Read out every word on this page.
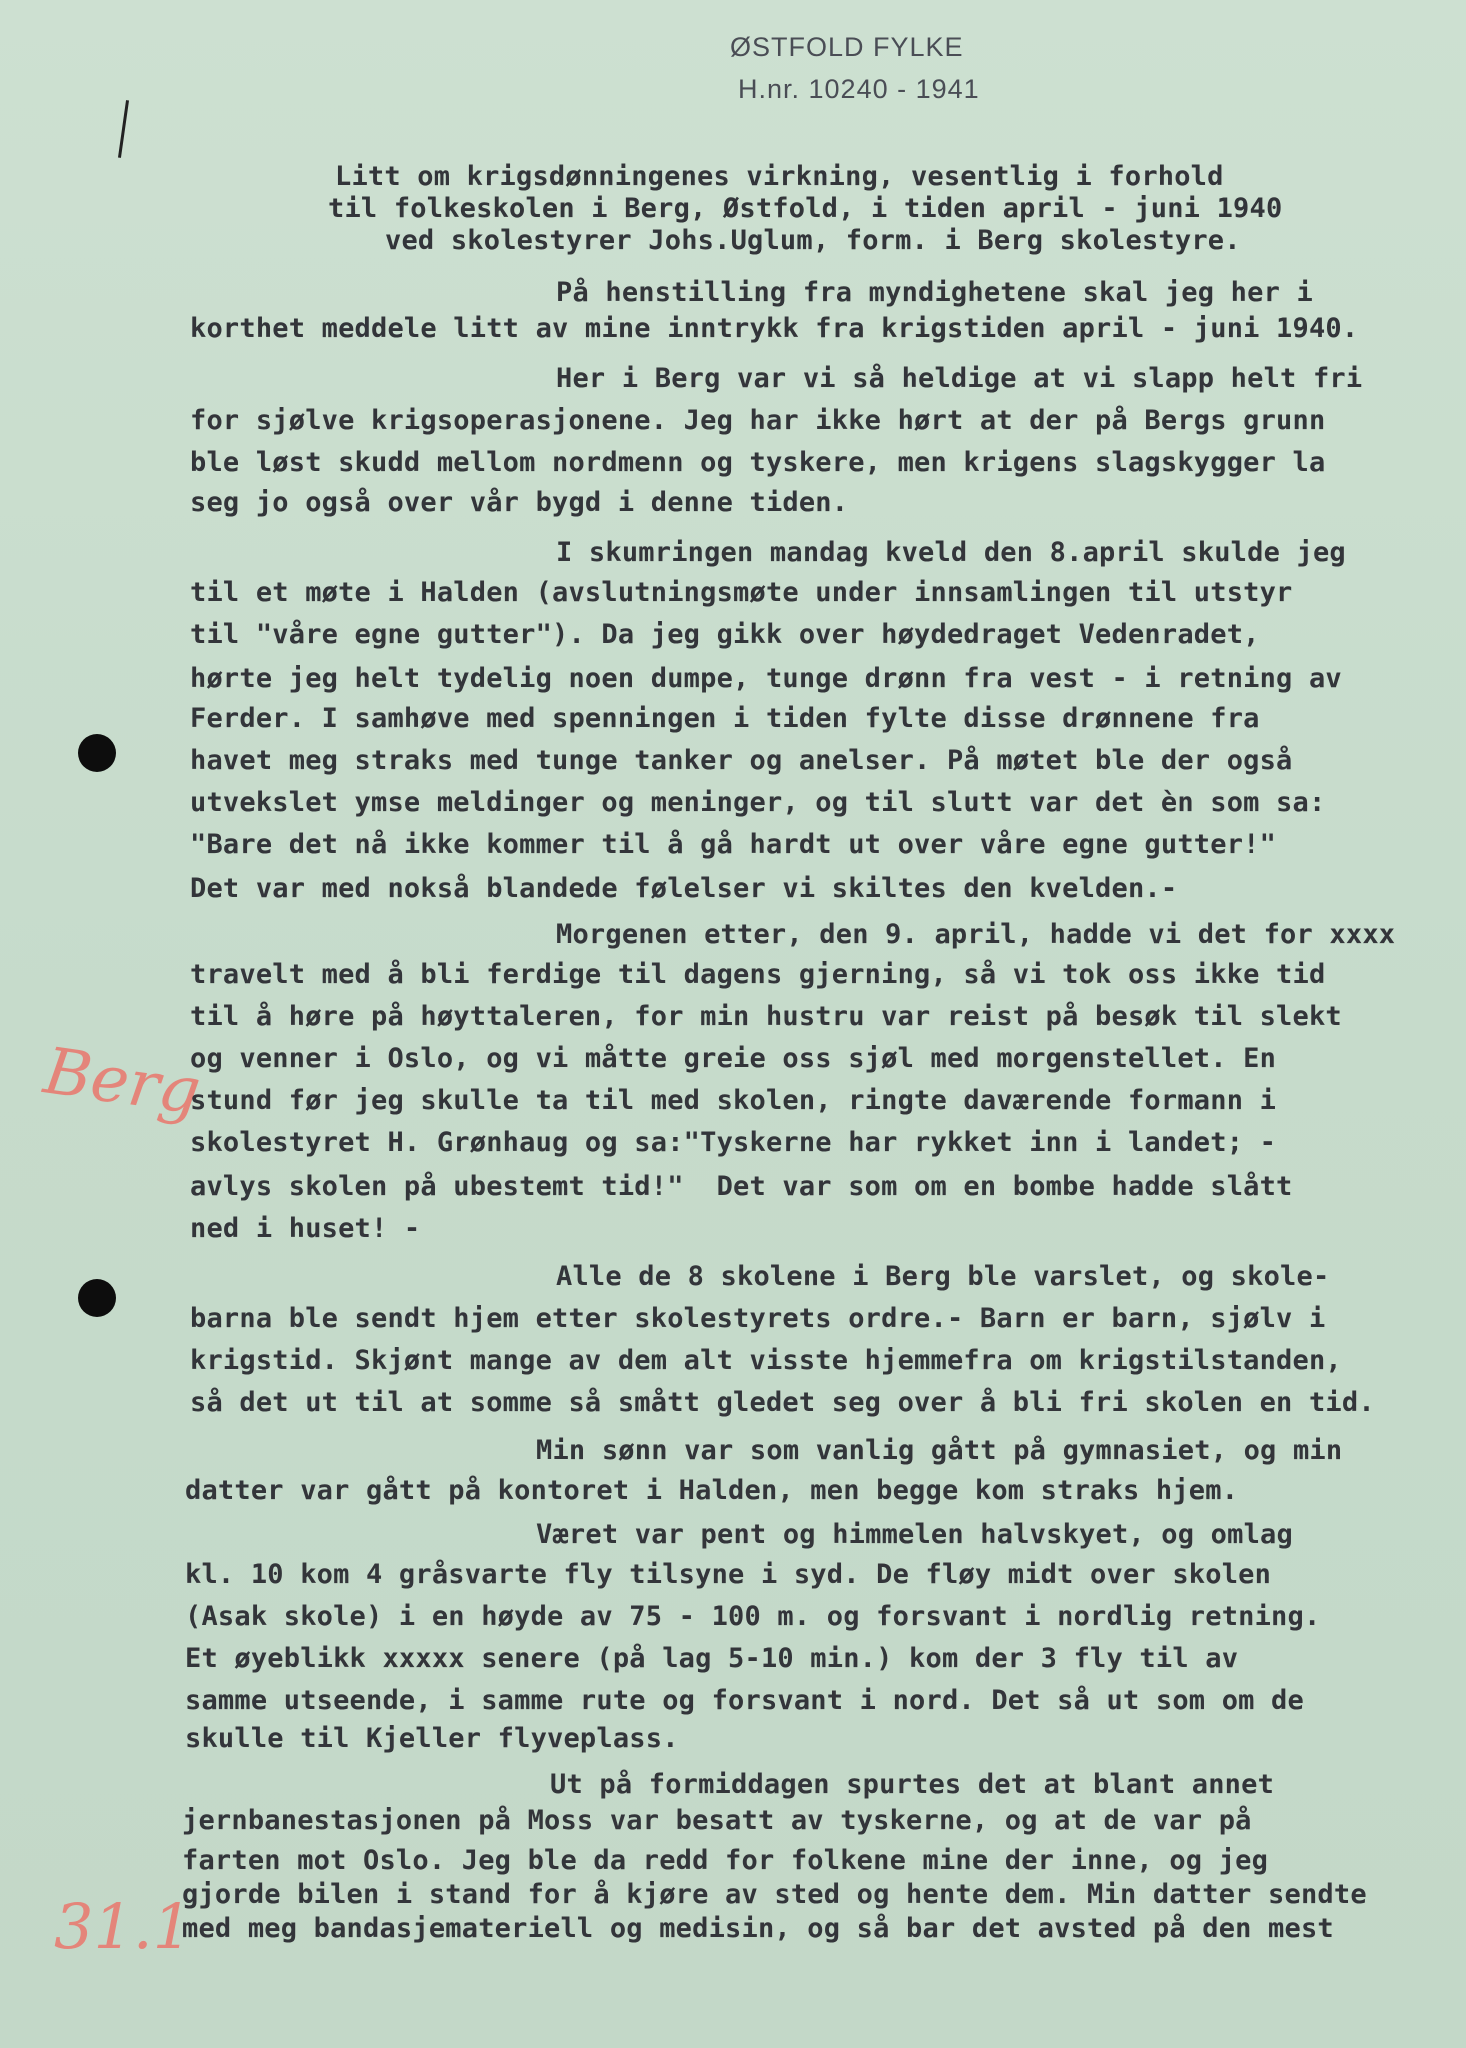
ØSTFOLD FYLKE
H.nr. 10240 - 1941
Berg
31.1
Litt om krigsdønningenes virkning, vesentlig i forhold
til folkeskolen i Berg, Østfold, i tiden april - juni 1940
ved skolestyrer Johs.Uglum, form. i Berg skolestyre.
På henstilling fra myndighetene skal jeg her i
korthet meddele litt av mine inntrykk fra krigstiden april - juni 1940.
Her i Berg var vi så heldige at vi slapp helt fri
for sjølve krigsoperasjonene. Jeg har ikke hørt at der på Bergs grunn
ble løst skudd mellom nordmenn og tyskere, men krigens slagskygger la
seg jo også over vår bygd i denne tiden.
I skumringen mandag kveld den 8.april skulde jeg
til et møte i Halden (avslutningsmøte under innsamlingen til utstyr
til "våre egne gutter"). Da jeg gikk over høydedraget Vedenradet,
hørte jeg helt tydelig noen dumpe, tunge drønn fra vest - i retning av
Ferder. I samhøve med spenningen i tiden fylte disse drønnene fra
havet meg straks med tunge tanker og anelser. På møtet ble der også
utvekslet ymse meldinger og meninger, og til slutt var det èn som sa:
"Bare det nå ikke kommer til å gå hardt ut over våre egne gutter!"
Det var med nokså blandede følelser vi skiltes den kvelden.-
Morgenen etter, den 9. april, hadde vi det for xxxx
travelt med å bli ferdige til dagens gjerning, så vi tok oss ikke tid
til å høre på høyttaleren, for min hustru var reist på besøk til slekt
og venner i Oslo, og vi måtte greie oss sjøl med morgenstellet. En
stund før jeg skulle ta til med skolen, ringte daværende formann i
skolestyret H. Grønhaug og sa:"Tyskerne har rykket inn i landet; -
avlys skolen på ubestemt tid!"  Det var som om en bombe hadde slått
ned i huset! -
Alle de 8 skolene i Berg ble varslet, og skole-
barna ble sendt hjem etter skolestyrets ordre.- Barn er barn, sjølv i
krigstid. Skjønt mange av dem alt visste hjemmefra om krigstilstanden,
så det ut til at somme så smått gledet seg over å bli fri skolen en tid.
Min sønn var som vanlig gått på gymnasiet, og min
datter var gått på kontoret i Halden, men begge kom straks hjem.
Været var pent og himmelen halvskyet, og omlag
kl. 10 kom 4 gråsvarte fly tilsyne i syd. De fløy midt over skolen
(Asak skole) i en høyde av 75 - 100 m. og forsvant i nordlig retning.
Et øyeblikk xxxxx senere (på lag 5-10 min.) kom der 3 fly til av
samme utseende, i samme rute og forsvant i nord. Det så ut som om de
skulle til Kjeller flyveplass.
Ut på formiddagen spurtes det at blant annet
jernbanestasjonen på Moss var besatt av tyskerne, og at de var på
farten mot Oslo. Jeg ble da redd for folkene mine der inne, og jeg
gjorde bilen i stand for å kjøre av sted og hente dem. Min datter sendte
med meg bandasjemateriell og medisin, og så bar det avsted på den mest
